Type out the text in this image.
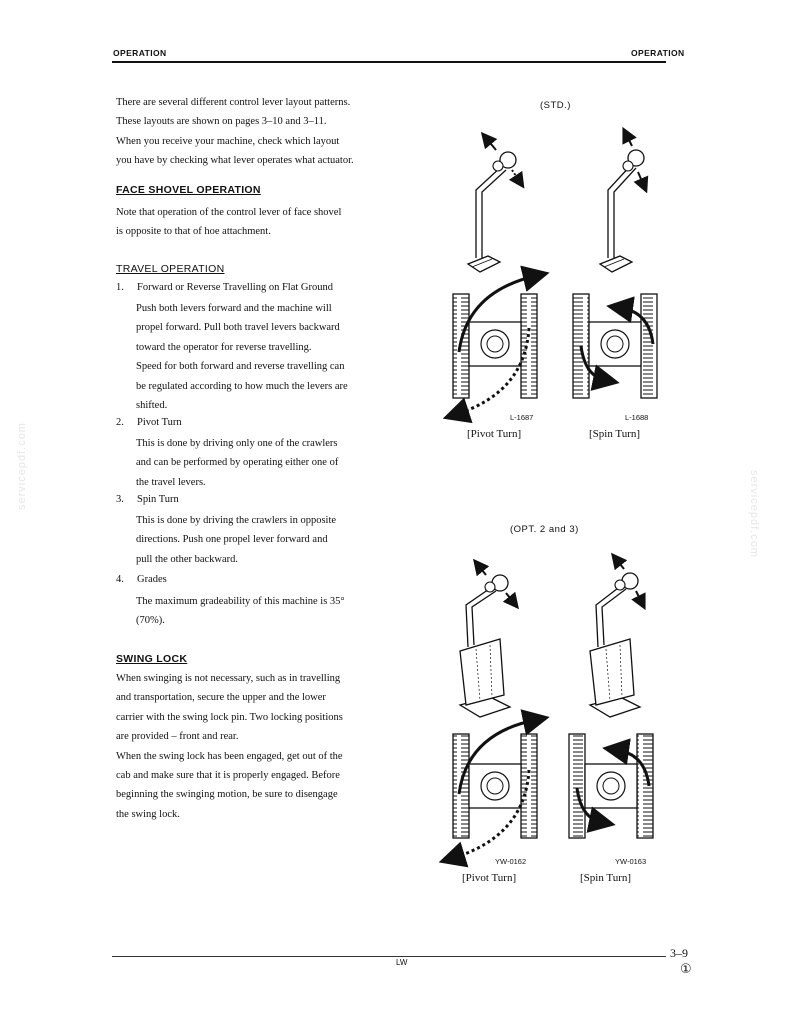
OPERATION	OPERATION
There are several different control lever layout patterns.
These layouts are shown on pages 3–10 and 3–11.
When you receive your machine, check which layout
you have by checking what lever operates what actuator.
FACE SHOVEL OPERATION
Note that operation of the control lever of face shovel
is opposite to that of hoe attachment.
TRAVEL OPERATION
1. Forward or Reverse Travelling on Flat Ground
Push both levers forward and the machine will
propel forward. Pull both travel levers backward
toward the operator for reverse travelling.
Speed for both forward and reverse travelling can
be regulated according to how much the levers are
shifted.
2. Pivot Turn
This is done by driving only one of the crawlers
and can be performed by operating either one of
the travel levers.
3. Spin Turn
This is done by driving the crawlers in opposite
directions. Push one propel lever forward and
pull the other backward.
4. Grades
The maximum gradeability of this machine is 35°
(70%).
SWING LOCK
When swinging is not necessary, such as in travelling
and transportation, secure the upper and the lower
carrier with the swing lock pin. Two locking positions
are provided – front and rear.
When the swing lock has been engaged, get out of the
cab and make sure that it is properly engaged. Before
beginning the swinging motion, be sure to disengage
the swing lock.
(STD.)
L-1687	L-1688
[Pivot Turn]	[Spin Turn]
(OPT. 2 and 3)
YW-0162	YW-0163
[Pivot Turn]	[Spin Turn]
servicepdf.com
servicepdf.com
LW
3–9
①
